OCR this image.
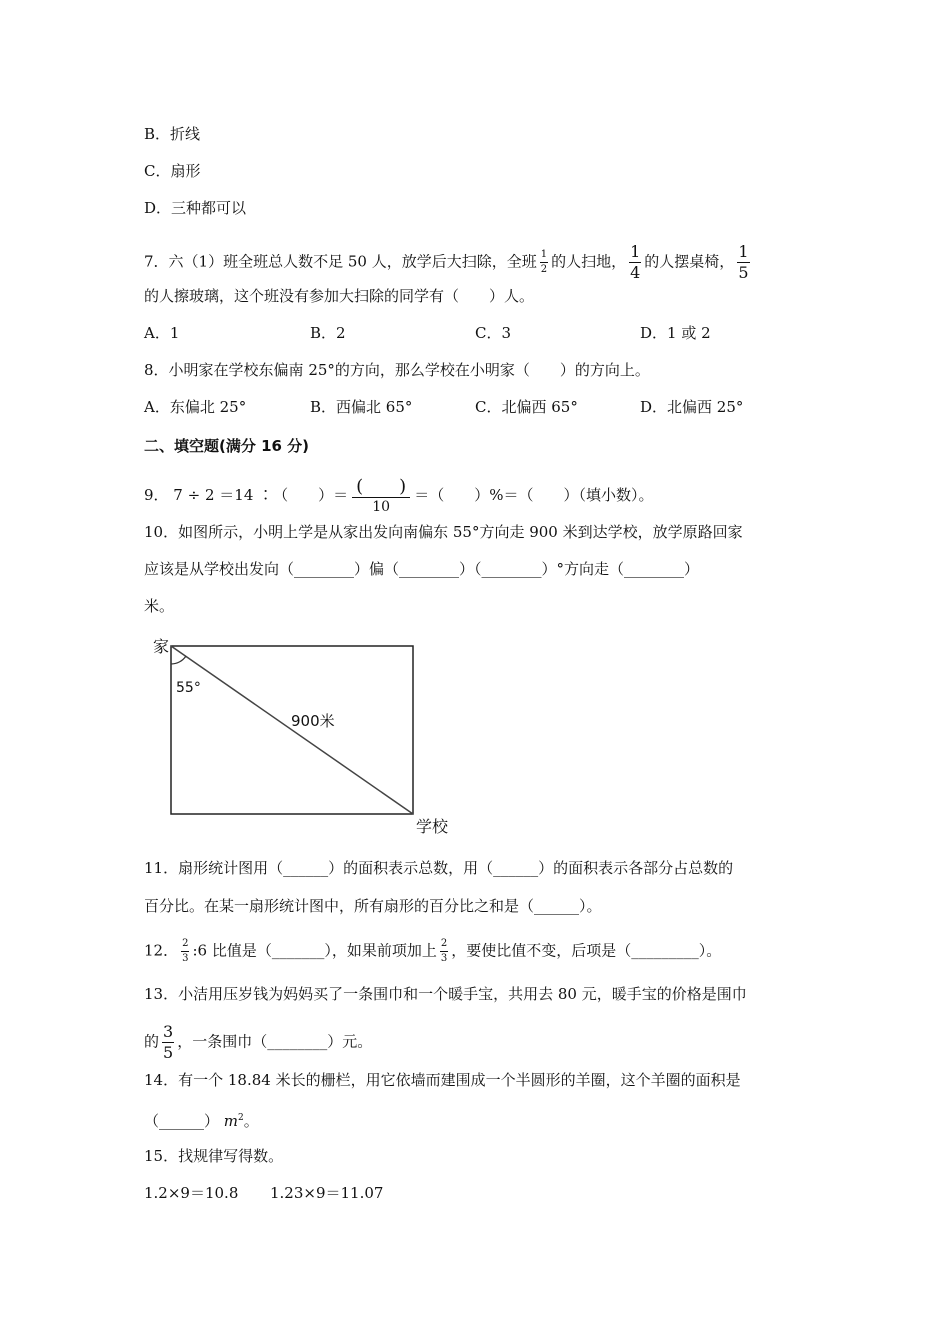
B．折线
C．扇形
D．三种都可以
7．六（1）班全班总人数不足 50 人，放学后大扫除，全班 $\frac{1}{2}$ 的人扫地， $\frac{1}{4}$ 的人摆桌椅， $\frac{1}{5}$
的人擦玻璃，这个班没有参加大扫除的同学有（　　）人。
A．1	B．2	C．3	D．1 或 2
8．小明家在学校东偏南 25°的方向，那么学校在小明家（　　）的方向上。
A．东偏北 25°	B．西偏北 65°	C．北偏西 65°	D．北偏西 25°
二、填空题(满分 16 分)
9． 7 ÷ 2 ＝14 ∶（　　）＝ $\frac{( )}{10}$ ＝（　　）%＝（　　）（填小数）。
10．如图所示，小明上学是从家出发向南偏东 55°方向走 900 米到达学校，放学原路回家
应该是从学校出发向（________）偏（________）（________）°方向走（________）
米。
家
55°
900米
学校
11．扇形统计图用（______）的面积表示总数，用（______）的面积表示各部分占总数的
百分比。在某一扇形统计图中，所有扇形的百分比之和是（______）。
12． $\frac{2}{3}$ :6 比值是（_______），如果前项加上 $\frac{2}{3}$ ，要使比值不变，后项是（_________）。
13．小洁用压岁钱为妈妈买了一条围巾和一个暖手宝，共用去 80 元，暖手宝的价格是围巾
的 $\frac{3}{5}$ ，一条围巾（________）元。
14．有一个 18.84 米长的栅栏，用它依墙而建围成一个半圆形的羊圈，这个羊圈的面积是
（______） $m^2$。
15．找规律写得数。
1.2×9＝10.8 1.23×9＝11.07
